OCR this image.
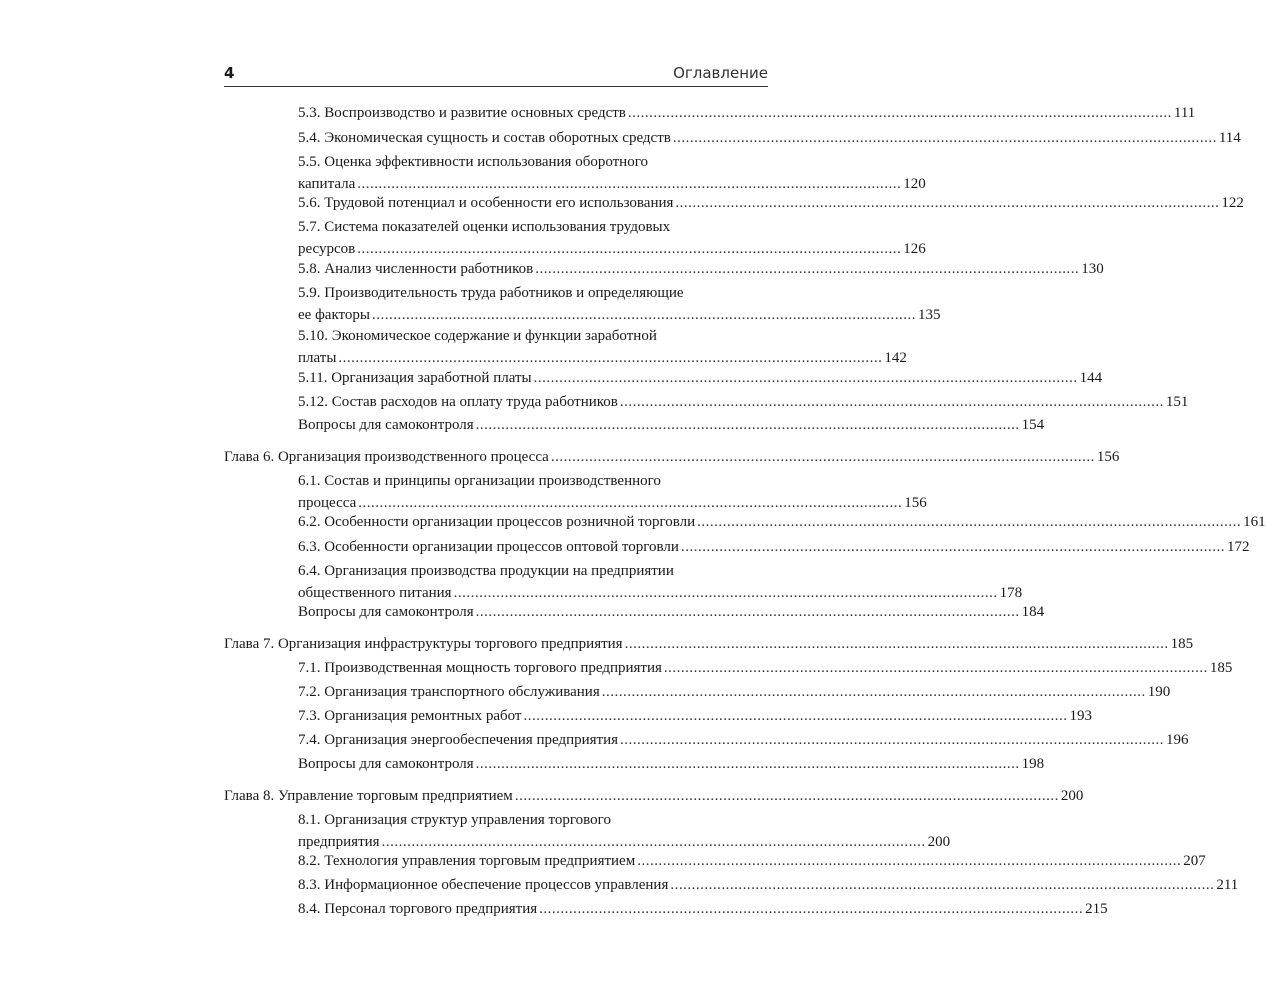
4	Оглавление
5.3. Воспроизводство и развитие основных средств ................................................................................................................................ 111
5.4. Экономическая сущность и состав оборотных средств ................................................................................................................................ 114
5.5. Оценка эффективности использования оборотного
капитала ................................................................................................................................ 120
5.6. Трудовой потенциал и особенности его использования ................................................................................................................................ 122
5.7. Система показателей оценки использования трудовых
ресурсов ................................................................................................................................ 126
5.8. Анализ численности работников ................................................................................................................................ 130
5.9. Производительность труда работников и определяющие
ее факторы ................................................................................................................................ 135
5.10. Экономическое содержание и функции заработной
платы ................................................................................................................................ 142
5.11. Организация заработной платы ................................................................................................................................ 144
5.12. Состав расходов на оплату труда работников ................................................................................................................................ 151
Вопросы для самоконтроля ................................................................................................................................ 154
Глава 6. Организация производственного процесса ................................................................................................................................ 156
6.1. Состав и принципы организации производственного
процесса ................................................................................................................................ 156
6.2. Особенности организации процессов розничной торговли ................................................................................................................................ 161
6.3. Особенности организации процессов оптовой торговли ................................................................................................................................ 172
6.4. Организация производства продукции на предприятии
общественного питания ................................................................................................................................ 178
Вопросы для самоконтроля ................................................................................................................................ 184
Глава 7. Организация инфраструктуры торгового предприятия ................................................................................................................................ 185
7.1. Производственная мощность торгового предприятия ................................................................................................................................ 185
7.2. Организация транспортного обслуживания ................................................................................................................................ 190
7.3. Организация ремонтных работ ................................................................................................................................ 193
7.4. Организация энергообеспечения предприятия ................................................................................................................................ 196
Вопросы для самоконтроля ................................................................................................................................ 198
Глава 8. Управление торговым предприятием ................................................................................................................................ 200
8.1. Организация структур управления торгового
предприятия ................................................................................................................................ 200
8.2. Технология управления торговым предприятием ................................................................................................................................ 207
8.3. Информационное обеспечение процессов управления ................................................................................................................................ 211
8.4. Персонал торгового предприятия ................................................................................................................................ 215
